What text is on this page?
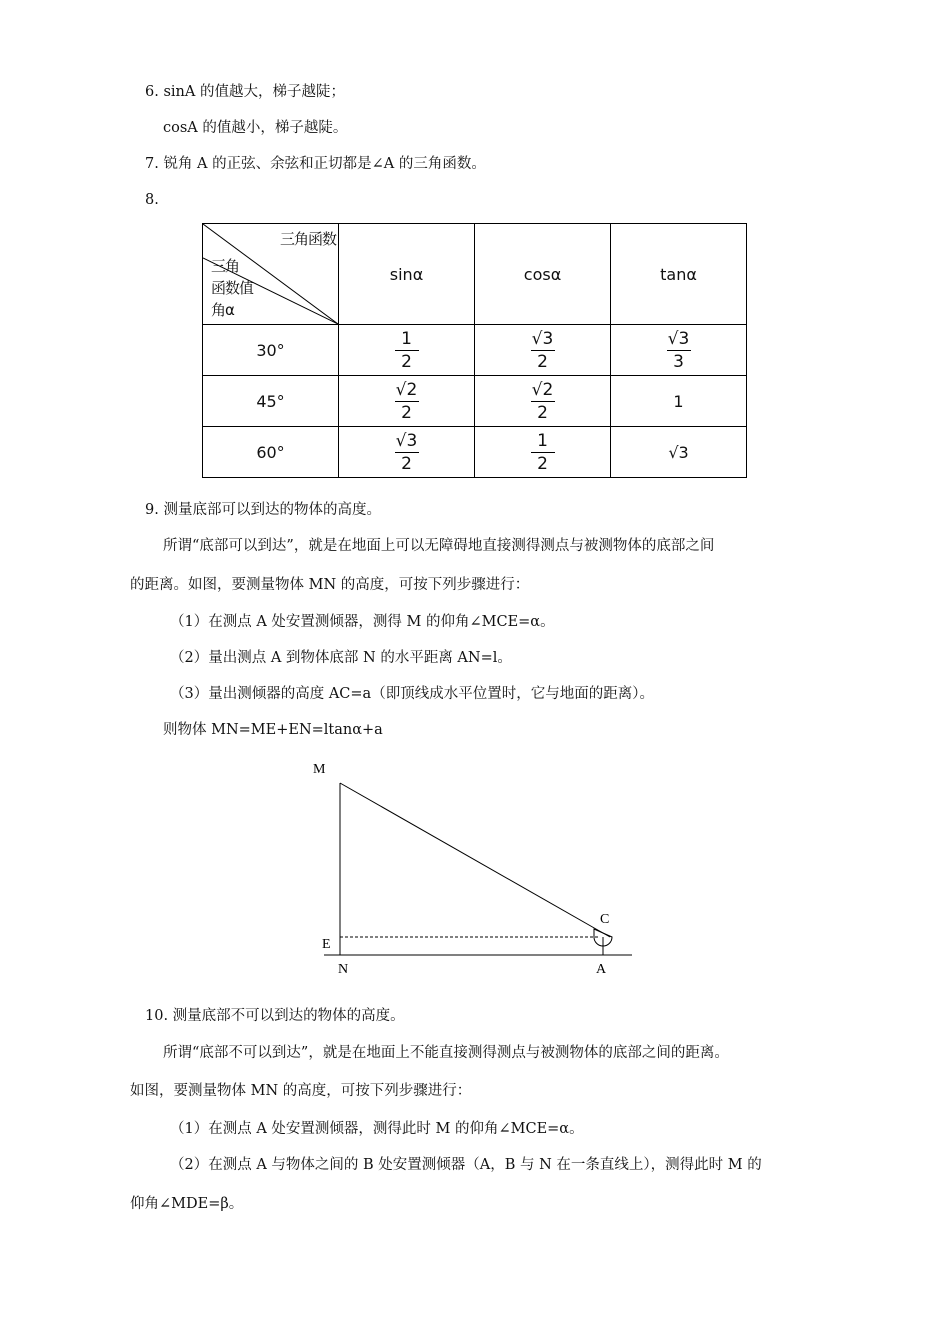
6. sinA 的值越大，梯子越陡；
cosA 的值越小，梯子越陡。
7. 锐角 A 的正弦、余弦和正切都是∠A 的三角函数。
8.
三角函数
三角
函数值
角α	sinα	cosα	tanα
30°	$\frac{1}{2}$	$\frac{√3}{2}$	$\frac{√3}{3}$

45°	$\frac{√2}{2}$	$\frac{√2}{2}$	1
60°	$\frac{√3}{2}$	$\frac{1}{2}$	√3
9. 测量底部可以到达的物体的高度。
所谓“底部可以到达”，就是在地面上可以无障碍地直接测得测点与被测物体的底部之间
的距离。如图，要测量物体 MN 的高度，可按下列步骤进行：
（1）在测点 A 处安置测倾器，测得 M 的仰角∠MCE=α。
（2）量出测点 A 到物体底部 N 的水平距离 AN=l。
（3）量出测倾器的高度 AC=a（即顶线成水平位置时，它与地面的距离）。
则物体 MN=ME+EN=ltanα+a
M
C
E
N	A
10. 测量底部不可以到达的物体的高度。
所谓“底部不可以到达”，就是在地面上不能直接测得测点与被测物体的底部之间的距离。
如图，要测量物体 MN 的高度，可按下列步骤进行：
（1）在测点 A 处安置测倾器，测得此时 M 的仰角∠MCE=α。
（2）在测点 A 与物体之间的 B 处安置测倾器（A，B 与 N 在一条直线上），测得此时 M 的
仰角∠MDE=β。
